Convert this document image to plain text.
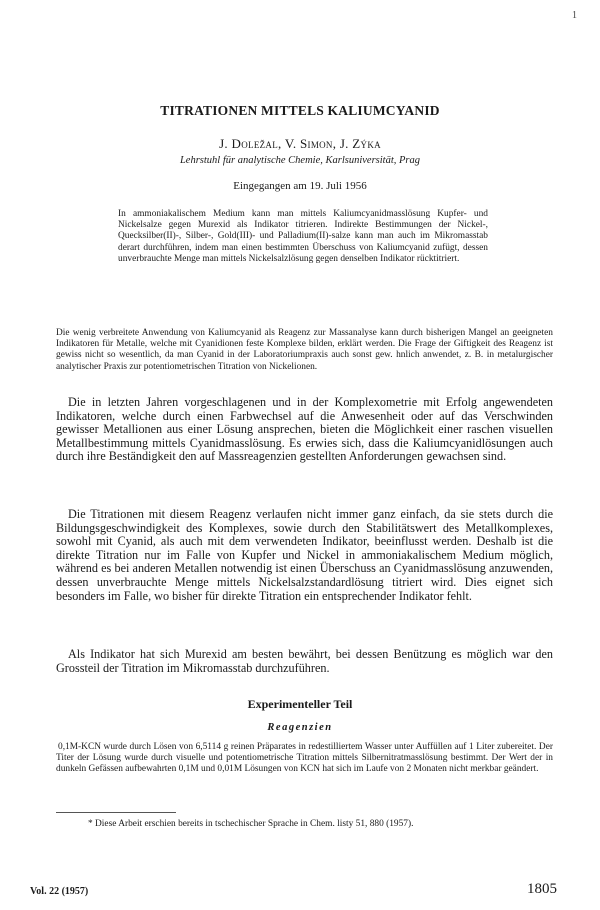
1

TITRATIONEN MITTELS KALIUMCYANID

J. Doležal, V. Simon, J. Zýka

Lehrstuhl für analytische Chemie, Karlsuniversität, Prag

Eingegangen am 19. Juli 1956

In ammoniakalischem Medium kann man mittels Kaliumcyanidmasslösung Kupfer- und Nickelsalze gegen Murexid als Indikator titrieren. Indirekte Bestimmungen der Nickel-, Quecksilber(II)-, Silber-, Gold(III)- und Palladium(II)-salze kann man auch im Mikromasstab derart durchführen, indem man einen bestimmten Überschuss von Kaliumcyanid zufügt, dessen unverbrauchte Menge man mittels Nickelsalzlösung gegen denselben Indikator rücktitriert.

Die wenig verbreitete Anwendung von Kaliumcyanid als Reagenz zur Massanalyse kann durch bisherigen Mangel an geeigneten Indikatoren für Metalle, welche mit Cyanidionen feste Komplexe bilden, erklärt werden. Die Frage der Giftigkeit des Reagenz ist gewiss nicht so wesentlich, da man Cyanid in der Laboratoriumpraxis auch sonst gew. hnlich anwendet, z. B. in metalurgischer analytischer Praxis zur potentiometrischen Titration von Nickelionen.

Die in letzten Jahren vorgeschlagenen und in der Komplexometrie mit Erfolg angewendeten Indikatoren, welche durch einen Farbwechsel auf die Anwesenheit oder auf das Verschwinden gewisser Metallionen aus einer Lösung ansprechen, bieten die Möglichkeit einer raschen visuellen Metallbestimmung mittels Cyanidmasslösung. Es erwies sich, dass die Kaliumcyanidlösungen auch durch ihre Beständigkeit den auf Massreagenzien gestellten Anforderungen gewachsen sind.

Die Titrationen mit diesem Reagenz verlaufen nicht immer ganz einfach, da sie stets durch die Bildungsgeschwindigkeit des Komplexes, sowie durch den Stabilitätswert des Metallkomplexes, sowohl mit Cyanid, als auch mit dem verwendeten Indikator, beeinflusst werden. Deshalb ist die direkte Titration nur im Falle von Kupfer und Nickel in ammoniakalischem Medium möglich, während es bei anderen Metallen notwendig ist einen Überschuss an Cyanidmasslösung anzuwenden, dessen unverbrauchte Menge mittels Nickelsalzstandardlösung titriert wird. Dies eignet sich besonders im Falle, wo bisher für direkte Titration ein entsprechender Indikator fehlt.

Als Indikator hat sich Murexid am besten bewährt, bei dessen Benützung es möglich war den Grossteil der Titration im Mikromasstab durchzuführen.

Experimenteller Teil
Reagenzien

0,1M-KCN wurde durch Lösen von 6,5114 g reinen Präparates in redestilliertem Wasser unter Auffüllen auf 1 Liter zubereitet. Der Titer der Lösung wurde durch visuelle und potentiometrische Titration mittels Silbernitratmasslösung bestimmt. Der Wert der in dunkeln Gefässen aufbewahrten 0,1M und 0,01M Lösungen von KCN hat sich im Laufe von 2 Monaten nicht merkbar geändert.

* Diese Arbeit erschien bereits in tschechischer Sprache in Chem. listy 51, 880 (1957).

Vol. 22 (1957)	1805
